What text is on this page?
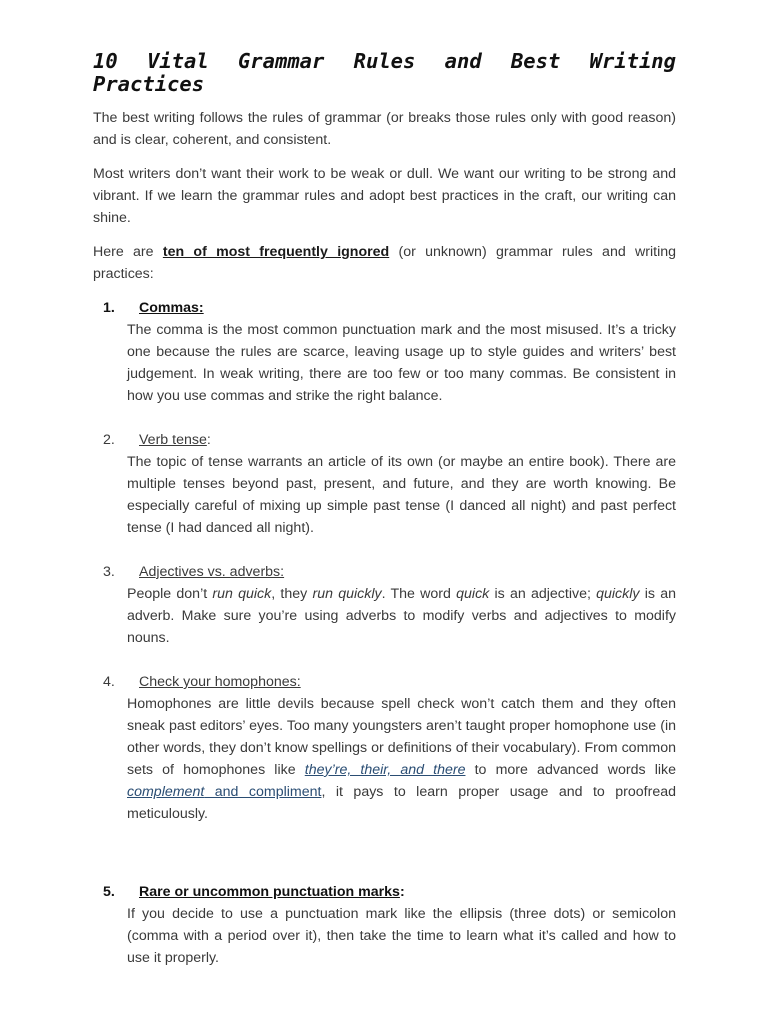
10 Vital Grammar Rules and Best Writing
Practices

The best writing follows the rules of grammar (or breaks those rules only with good reason) and is clear, coherent, and consistent.

Most writers don’t want their work to be weak or dull. We want our writing to be strong and vibrant. If we learn the grammar rules and adopt best practices in the craft, our writing can shine.

Here are ten of most frequently ignored (or unknown) grammar rules and writing practices:

1. Commas:
The comma is the most common punctuation mark and the most misused. It’s a tricky one because the rules are scarce, leaving usage up to style guides and writers’ best judgement. In weak writing, there are too few or too many commas. Be consistent in how you use commas and strike the right balance.
2. Verb tense:
The topic of tense warrants an article of its own (or maybe an entire book). There are multiple tenses beyond past, present, and future, and they are worth knowing. Be especially careful of mixing up simple past tense (I danced all night) and past perfect tense (I had danced all night).
3. Adjectives vs. adverbs:
People don’t run quick, they run quickly. The word quick is an adjective; quickly is an adverb. Make sure you’re using adverbs to modify verbs and adjectives to modify nouns.
4. Check your homophones:
Homophones are little devils because spell check won’t catch them and they often sneak past editors’ eyes. Too many youngsters aren’t taught proper homophone use (in other words, they don’t know spellings or definitions of their vocabulary). From common sets of homophones like they’re, their, and there to more advanced words like complement and compliment, it pays to learn proper usage and to proofread meticulously.
5. Rare or uncommon punctuation marks:
If you decide to use a punctuation mark like the ellipsis (three dots) or semicolon (comma with a period over it), then take the time to learn what it’s called and how to use it properly.
